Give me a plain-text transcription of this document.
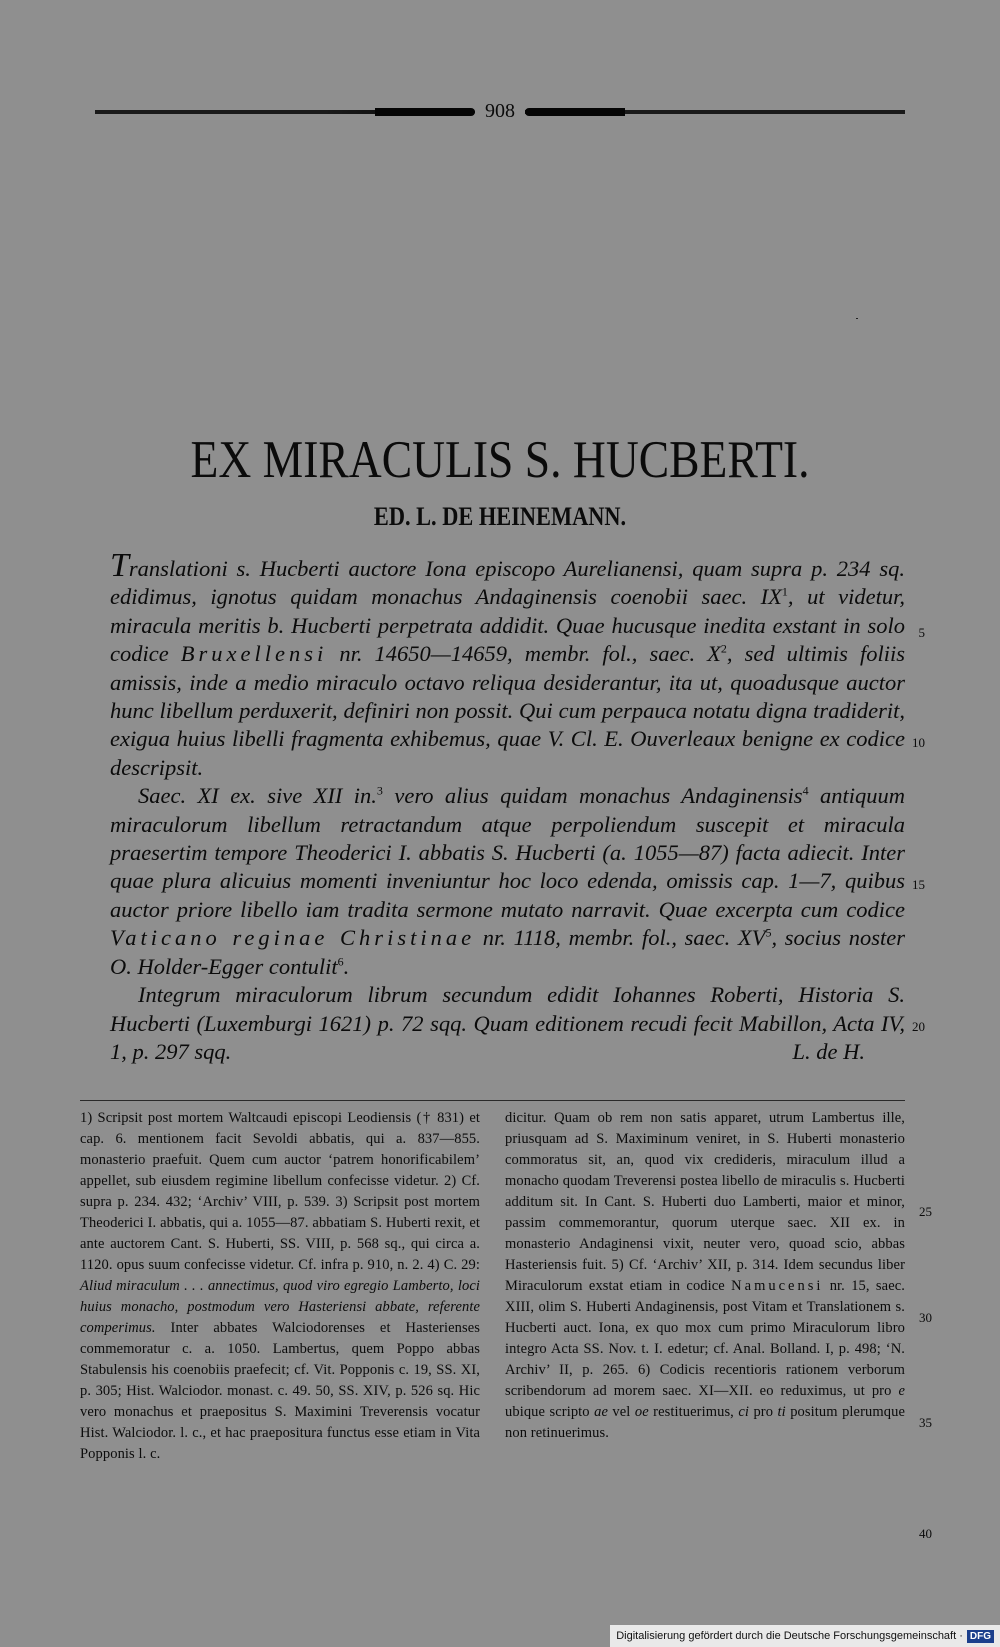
908
EX MIRACULIS S. HUCBERTI.
ED. L. DE HEINEMANN.

Translationi s. Hucberti auctore Iona episcopo Aurelianensi, quam supra p. 234 sq. edidimus, ignotus quidam monachus Andaginensis coenobii saec. $IX^1$, ut videtur, miracula meritis b. Hucberti perpetrata addidit. Quae hucusque inedita exstant in solo codice Bruxellensi nr. 14650—14659, membr. fol., saec. $X^2$, sed ultimis foliis amissis, inde a medio miraculo octavo reliqua desiderantur, ita ut, quoadusque auctor hunc libellum perduxerit, definiri non possit. Qui cum perpauca notatu digna tradiderit, exigua huius libelli fragmenta exhibemus, quae V. Cl. E. Ouverleaux benigne ex codice descripsit.

Saec. XI ex. sive XII in.$^3$ vero alius quidam monachus Andaginensis$^4$ antiquum miraculorum libellum retractandum atque perpoliendum suscepit et miracula praesertim tempore Theoderici I. abbatis S. Hucberti (a. 1055—87) facta adiecit. Inter quae plura alicuius momenti inveniuntur hoc loco edenda, omissis cap. 1—7, quibus auctor priore libello iam tradita sermone mutato narravit. Quae excerpta cum codice Vaticano reginae Christinae nr. 1118, membr. fol., saec. $XV^5$, socius noster O. Holder-Egger contulit$^6$.

Integrum miraculorum librum secundum edidit Iohannes Roberti, Historia S. Hucberti (Luxemburgi 1621) p. 72 sqq. Quam editionem recudi fecit Mabillon, Acta IV, 1, p. 297 sqq.	L. de H.

5
10
15
20

1) Scripsit post mortem Waltcaudi episcopi Leodiensis († 831) et cap. 6. mentionem facit Sevoldi abbatis, qui a. 837—855. monasterio praefuit. Quem cum auctor ‘patrem honorificabilem’ appellet, sub eiusdem regimine libellum confecisse videtur. 2) Cf. supra p. 234. 432; ‘Archiv’ VIII, p. 539. 3) Scripsit post mortem Theoderici I. abbatis, qui a. 1055—87. abbatiam S. Huberti rexit, et ante auctorem Cant. S. Huberti, SS. VIII, p. 568 sq., qui circa a. 1120. opus suum confecisse videtur. Cf. infra p. 910, n. 2. 4) C. 29: Aliud miraculum . . . annectimus, quod viro egregio Lamberto, loci huius monacho, postmodum vero Hasteriensi abbate, referente comperimus. Inter abbates Walciodorenses et Hasterienses commemoratur c. a. 1050. Lambertus, quem Poppo abbas Stabulensis his coenobiis praefecit; cf. Vit. Popponis c. 19, SS. XI, p. 305; Hist. Walciodor. monast. c. 49. 50, SS. XIV, p. 526 sq. Hic vero monachus et praepositus S. Maximini Treverensis vocatur Hist. Walciodor. l. c., et hac praepositura functus esse etiam in Vita Popponis l. c.

dicitur. Quam ob rem non satis apparet, utrum Lambertus ille, priusquam ad S. Maximinum veniret, in S. Huberti monasterio commoratus sit, an, quod vix credideris, miraculum illud a monacho quodam Treverensi postea libello de miraculis s. Hucberti additum sit. In Cant. S. Huberti duo Lamberti, maior et minor, passim commemorantur, quorum uterque saec. XII ex. in monasterio Andaginensi vixit, neuter vero, quoad scio, abbas Hasteriensis fuit. 5) Cf. ‘Archiv’ XII, p. 314. Idem secundus liber Miraculorum exstat etiam in codice Namucensi nr. 15, saec. XIII, olim S. Huberti Andaginensis, post Vitam et Translationem s. Hucberti auct. Iona, ex quo mox cum primo Miraculorum libro integro Acta SS. Nov. t. I. edetur; cf. Anal. Bolland. I, p. 498; ‘N. Archiv’ II, p. 265. 6) Codicis recentioris rationem verborum scribendorum ad morem saec. XI—XII. eo reduximus, ut pro e ubique scripto ae vel oe restituerimus, ci pro ti positum plerumque non retinuerimus.

25
30
35
40
Digitalisierung gefördert durch die Deutsche Forschungsgemeinschaft · DFG
